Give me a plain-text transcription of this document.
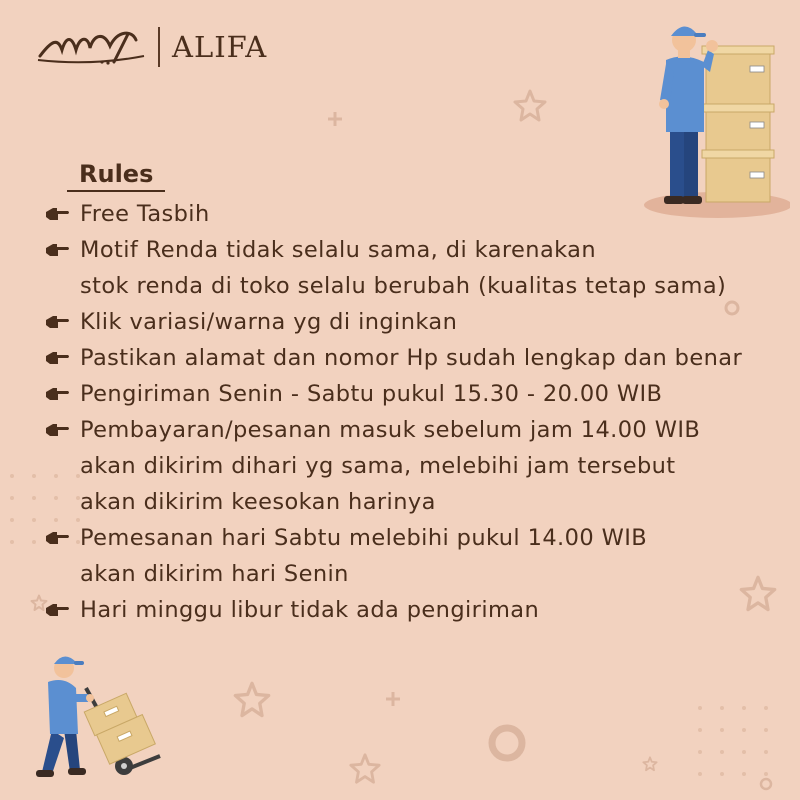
ALIFA
Rules
Free Tasbih
Motif Renda tidak selalu sama, di karenakan
stok renda di toko selalu berubah (kualitas tetap sama)
Klik variasi/warna yg di inginkan
Pastikan alamat dan nomor Hp sudah lengkap dan benar
Pengiriman Senin - Sabtu pukul 15.30 - 20.00 WIB
Pembayaran/pesanan masuk sebelum jam 14.00 WIB
akan dikirim dihari yg sama, melebihi jam tersebut
akan dikirim keesokan harinya
Pemesanan hari Sabtu melebihi pukul 14.00 WIB
akan dikirim hari Senin
Hari minggu libur tidak ada pengiriman
